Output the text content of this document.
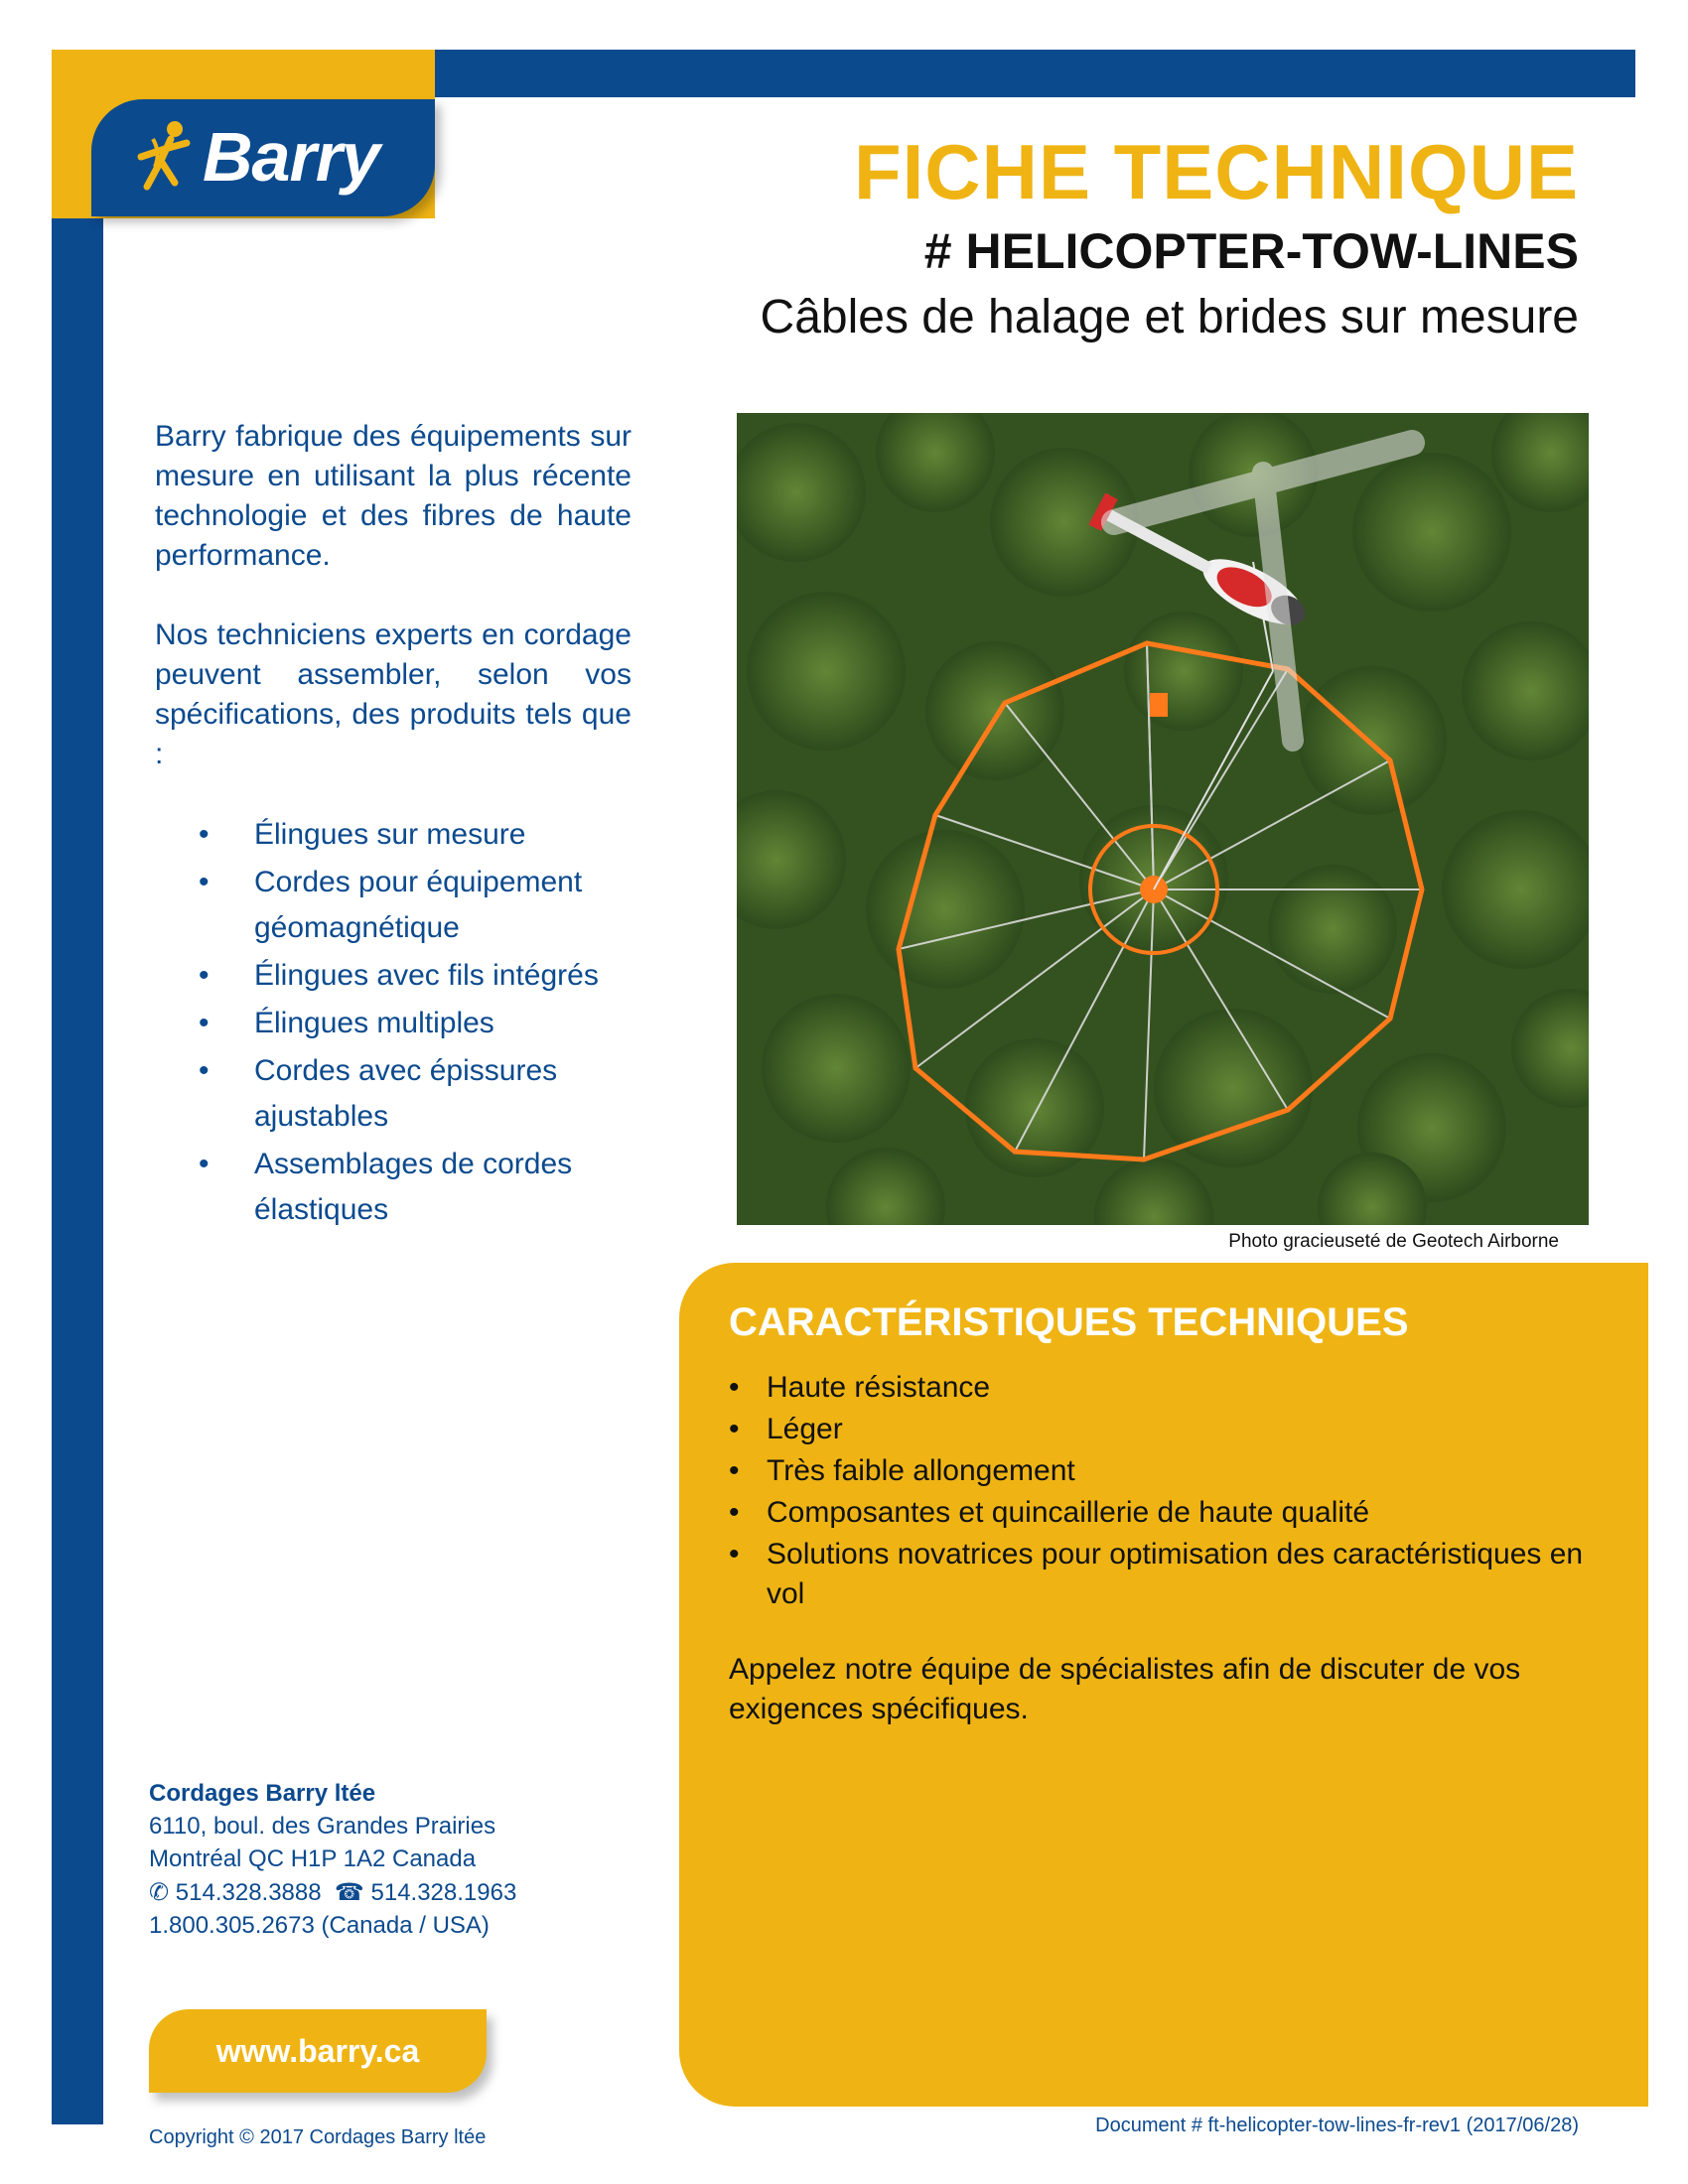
Barry	FICHE TECHNIQUE
# HELICOPTER-TOW-LINES
Câbles de halage et brides sur mesure
Barry fabrique des équipements sur mesure en utilisant la plus récente technologie et des fibres de haute performance.
Nos techniciens experts en cordage peuvent assembler, selon vos spécifications, des produits tels que :
• Élingues sur mesure
• Cordes pour équipement géomagnétique
• Élingues avec fils intégrés
• Élingues multiples
• Cordes avec épissures ajustables
• Assemblages de cordes élastiques
Photo gracieuseté de Geotech Airborne
CARACTÉRISTIQUES TECHNIQUES
• Haute résistance
• Léger
• Très faible allongement
• Composantes et quincaillerie de haute qualité
• Solutions novatrices pour optimisation des caractéristiques en vol
Appelez notre équipe de spécialistes afin de discuter de vos exigences spécifiques.
Cordages Barry ltée
6110, boul. des Grandes Prairies
Montréal QC H1P 1A2 Canada
✆ 514.328.3888  ☎ 514.328.1963
1.800.305.2673 (Canada / USA)
www.barry.ca
Copyright © 2017 Cordages Barry ltée
Document # ft-helicopter-tow-lines-fr-rev1 (2017/06/28)
